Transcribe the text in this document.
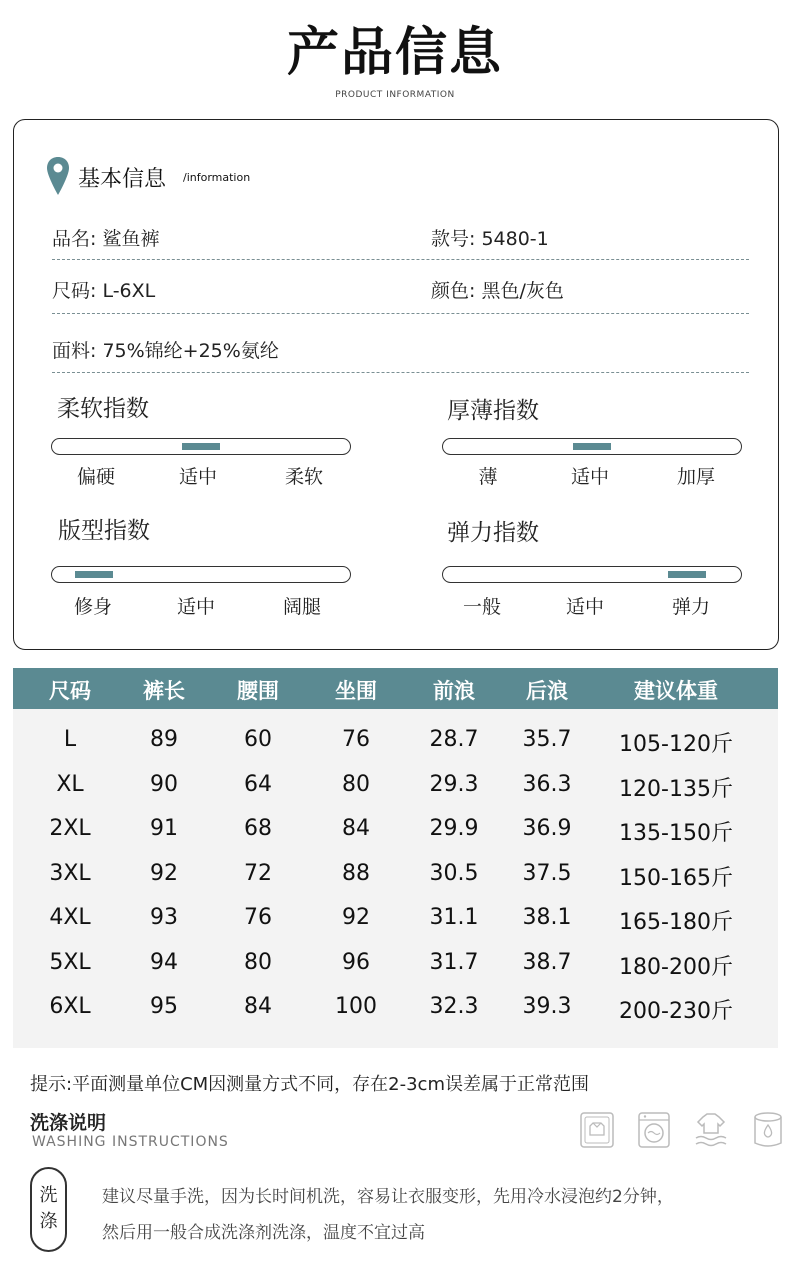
产品信息
PRODUCT INFORMATION
基本信息 /information
品名: 鲨鱼裤	款号: 5480-1
尺码: L-6XL	颜色: 黑色/灰色
面料: 75%锦纶+25%氨纶
柔软指数
偏硬	适中	柔软
厚薄指数
薄	适中	加厚
版型指数
修身	适中	阔腿
弹力指数
一般	适中	弹力
尺码	裤长	腰围	坐围	前浪	后浪	建议体重
L	89	60	76	28.7	35.7	105-120斤
XL	90	64	80	29.3	36.3	120-135斤
2XL	91	68	84	29.9	36.9	135-150斤
3XL	92	72	88	30.5	37.5	150-165斤
4XL	93	76	92	31.1	38.1	165-180斤
5XL	94	80	96	31.7	38.7	180-200斤
6XL	95	84	100	32.3	39.3	200-230斤
提示:平面测量单位CM因测量方式不同，存在2-3cm误差属于正常范围
洗涤说明
WASHING INSTRUCTIONS
洗
涤
建议尽量手洗，因为长时间机洗，容易让衣服变形，先用冷水浸泡约2分钟，
然后用一般合成洗涤剂洗涤，温度不宜过高
